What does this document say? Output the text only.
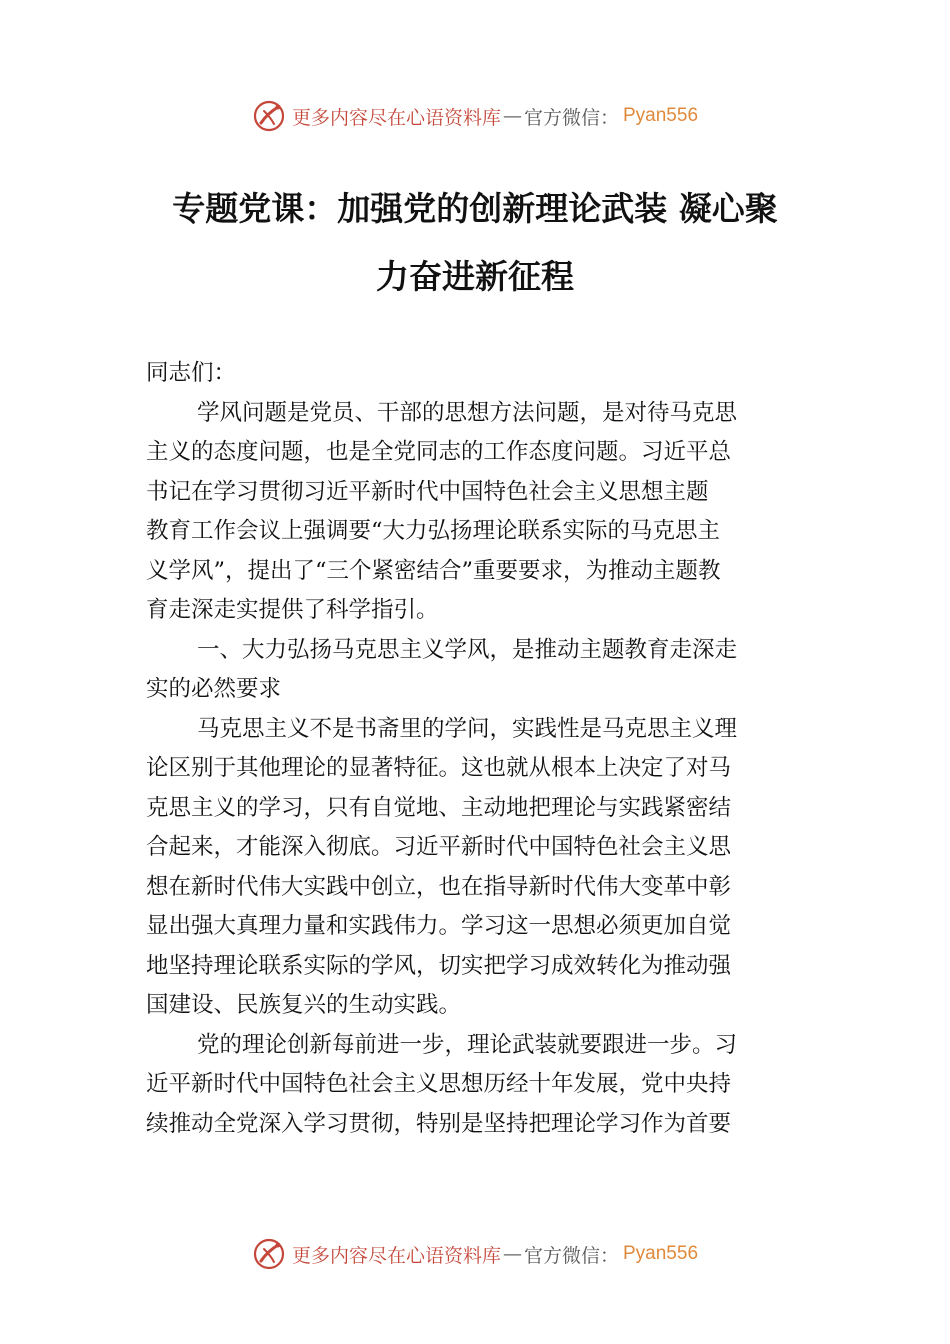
更多内容尽在心语资料库 — 官方微信： Pyan556
专题党课：加强党的创新理论武装 凝心聚
力奋进新征程
同志们：
学风问题是党员、干部的思想方法问题，是对待马克思
主义的态度问题，也是全党同志的工作态度问题。习近平总
书记在学习贯彻习近平新时代中国特色社会主义思想主题
教育工作会议上强调要“大力弘扬理论联系实际的马克思主
义学风”，提出了“三个紧密结合”重要要求，为推动主题教
育走深走实提供了科学指引。
一、大力弘扬马克思主义学风，是推动主题教育走深走
实的必然要求
马克思主义不是书斋里的学问，实践性是马克思主义理
论区别于其他理论的显著特征。这也就从根本上决定了对马
克思主义的学习，只有自觉地、主动地把理论与实践紧密结
合起来，才能深入彻底。习近平新时代中国特色社会主义思
想在新时代伟大实践中创立，也在指导新时代伟大变革中彰
显出强大真理力量和实践伟力。学习这一思想必须更加自觉
地坚持理论联系实际的学风，切实把学习成效转化为推动强
国建设、民族复兴的生动实践。
党的理论创新每前进一步，理论武装就要跟进一步。习
近平新时代中国特色社会主义思想历经十年发展，党中央持
续推动全党深入学习贯彻，特别是坚持把理论学习作为首要
更多内容尽在心语资料库 — 官方微信： Pyan556
